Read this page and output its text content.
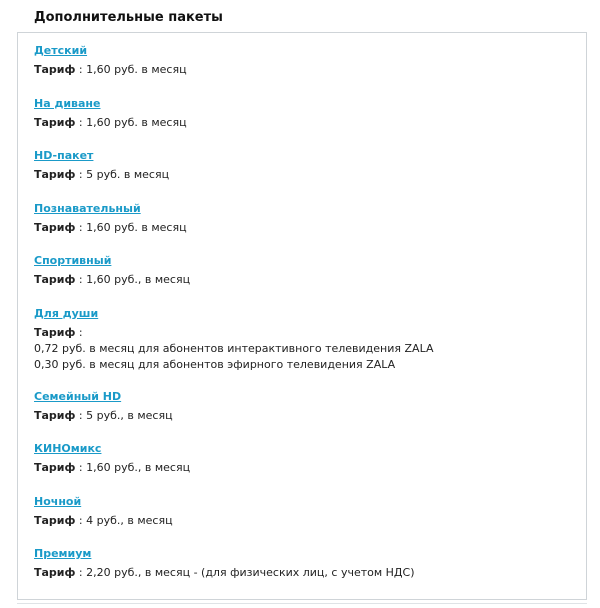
Дополнительные пакеты
Детский
Тариф : 1,60 руб. в месяц
На диване
Тариф : 1,60 руб. в месяц
HD-пакет
Тариф : 5 руб. в месяц
Познавательный
Тариф : 1,60 руб. в месяц
Спортивный
Тариф : 1,60 руб., в месяц
Для души
Тариф :
0,72 руб. в месяц для абонентов интерактивного телевидения ZALA
0,30 руб. в месяц для абонентов эфирного телевидения ZALA
Семейный HD
Тариф : 5 руб., в месяц
КИНОмикс
Тариф : 1,60 руб., в месяц
Ночной
Тариф : 4 руб., в месяц
Премиум
Тариф : 2,20 руб., в месяц - (для физических лиц, с учетом НДС)
